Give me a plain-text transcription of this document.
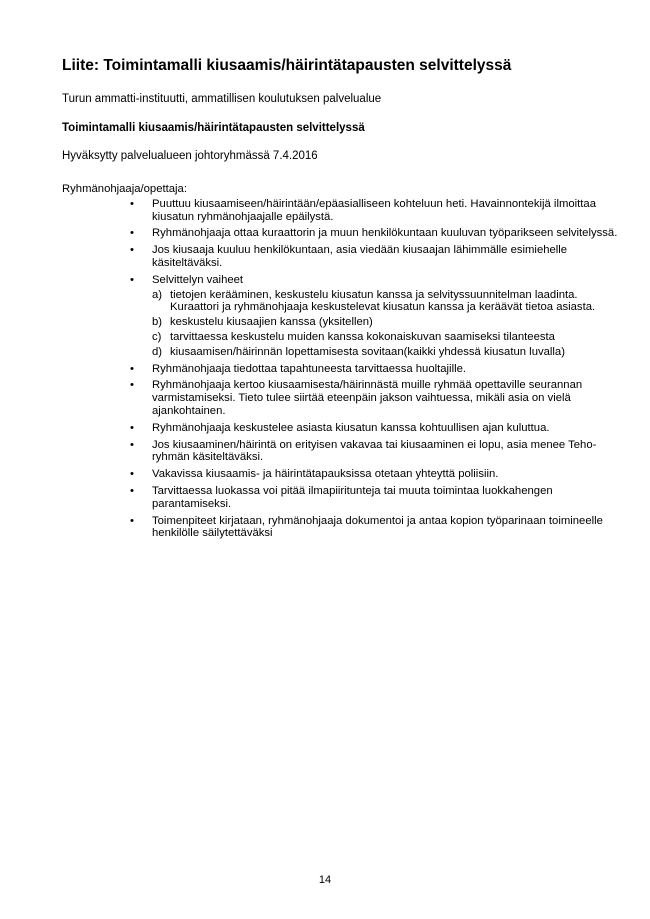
Liite: Toimintamalli kiusaamis/häirintätapausten selvittelyssä
Turun ammatti-instituutti, ammatillisen koulutuksen palvelualue
Toimintamalli kiusaamis/häirintätapausten selvittelyssä
Hyväksytty palvelualueen johtoryhmässä 7.4.2016
Ryhmänohjaaja/opettaja:
• Puuttuu kiusaamiseen/häirintään/epäasialliseen kohteluun heti. Havainnontekijä ilmoittaa kiusatun ryhmänohjaajalle epäilystä.
• Ryhmänohjaaja ottaa kuraattorin ja muun henkilökuntaan kuuluvan työparikseen selvitelyssä.
• Jos kiusaaja kuuluu henkilökuntaan, asia viedään kiusaajan lähimmälle esimiehelle käsiteltäväksi.
• Selvittelyn vaiheet
a) tietojen kerääminen, keskustelu kiusatun kanssa ja selvityssuunnitelman laadinta. Kuraattori ja ryhmänohjaaja keskustelevat kiusatun kanssa ja keräävät tietoa asiasta.
b) keskustelu kiusaajien kanssa (yksitellen)
c) tarvittaessa keskustelu muiden kanssa kokonaiskuvan saamiseksi tilanteesta
d) kiusaamisen/häirinnän lopettamisesta sovitaan(kaikki yhdessä kiusatun luvalla)
• Ryhmänohjaaja tiedottaa tapahtuneesta tarvittaessa huoltajille.
• Ryhmänohjaaja kertoo kiusaamisesta/häirinnästä muille ryhmää opettaville seurannan varmistamiseksi. Tieto tulee siirtää eteenpäin jakson vaihtuessa, mikäli asia on vielä ajankohtainen.
• Ryhmänohjaaja keskustelee asiasta kiusatun kanssa kohtuullisen ajan kuluttua.
• Jos kiusaaminen/häirintä on erityisen vakavaa tai kiusaaminen ei lopu, asia menee Teho-ryhmän käsiteltäväksi.
• Vakavissa kiusaamis- ja häirintätapauksissa otetaan yhteyttä poliisiin.
• Tarvittaessa luokassa voi pitää ilmapiiritunteja tai muuta toimintaa luokkahengen parantamiseksi.
• Toimenpiteet kirjataan, ryhmänohjaaja dokumentoi ja antaa kopion työparinaan toimineelle henkilölle säilytettäväksi
14
